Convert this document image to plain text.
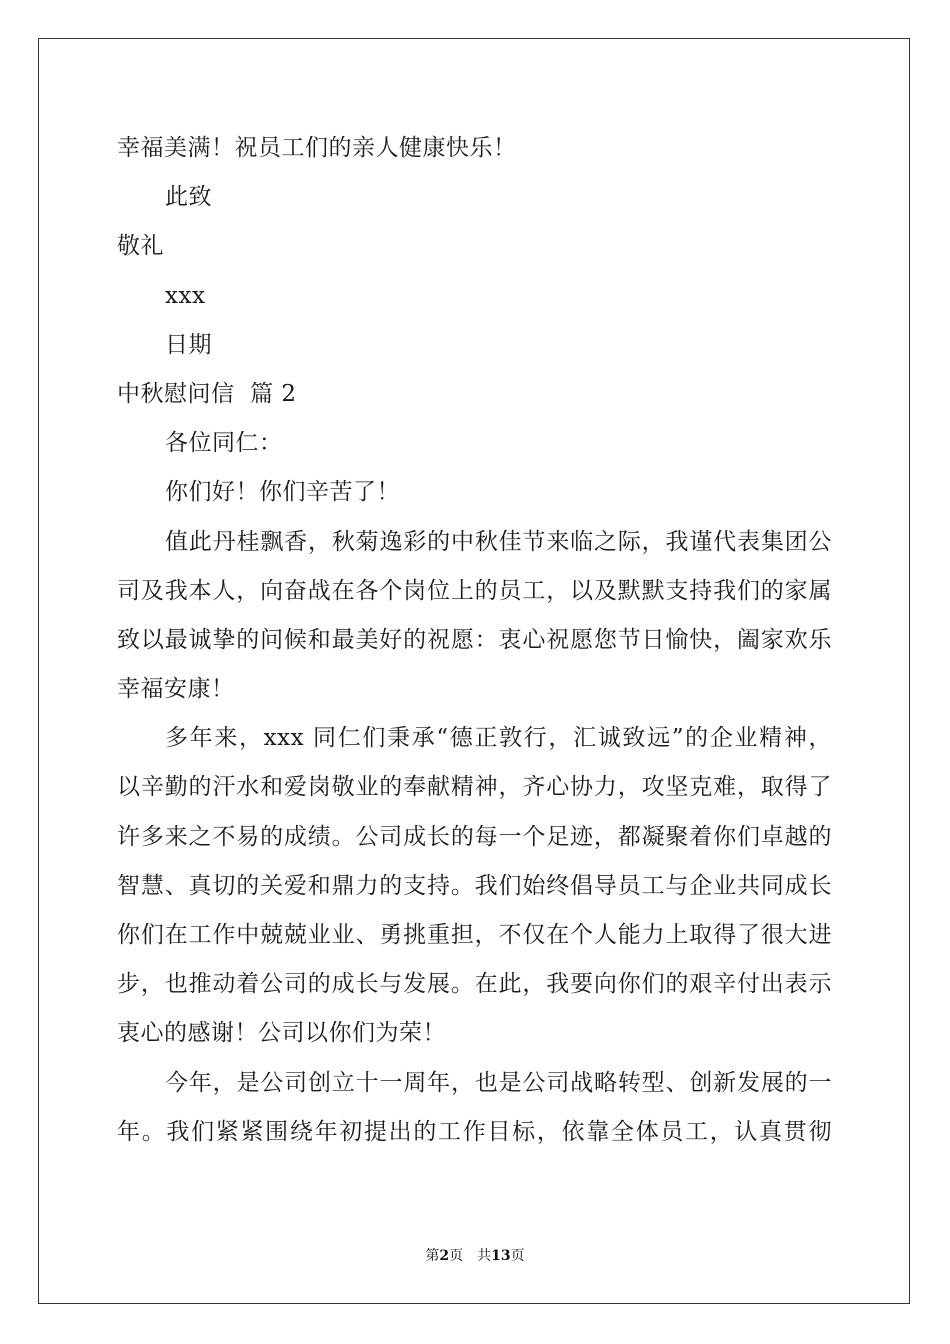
幸福美满！祝员工们的亲人健康快乐！
此致
敬礼
xxx
日期
中秋慰问信  篇 2
各位同仁：
你们好！你们辛苦了！
值此丹桂飘香，秋菊逸彩的中秋佳节来临之际，我谨代表集团公
司及我本人，向奋战在各个岗位上的员工，以及默默支持我们的家属
致以最诚挚的问候和最美好的祝愿：衷心祝愿您节日愉快，阖家欢乐
幸福安康！
多年来，xxx 同仁们秉承“德正敦行，汇诚致远”的企业精神，
以辛勤的汗水和爱岗敬业的奉献精神，齐心协力，攻坚克难，取得了
许多来之不易的成绩。公司成长的每一个足迹，都凝聚着你们卓越的
智慧、真切的关爱和鼎力的支持。我们始终倡导员工与企业共同成长
你们在工作中兢兢业业、勇挑重担，不仅在个人能力上取得了很大进
步，也推动着公司的成长与发展。在此，我要向你们的艰辛付出表示
衷心的感谢！公司以你们为荣！
今年，是公司创立十一周年，也是公司战略转型、创新发展的一
年。我们紧紧围绕年初提出的工作目标，依靠全体员工，认真贯彻
第2页 共13页
